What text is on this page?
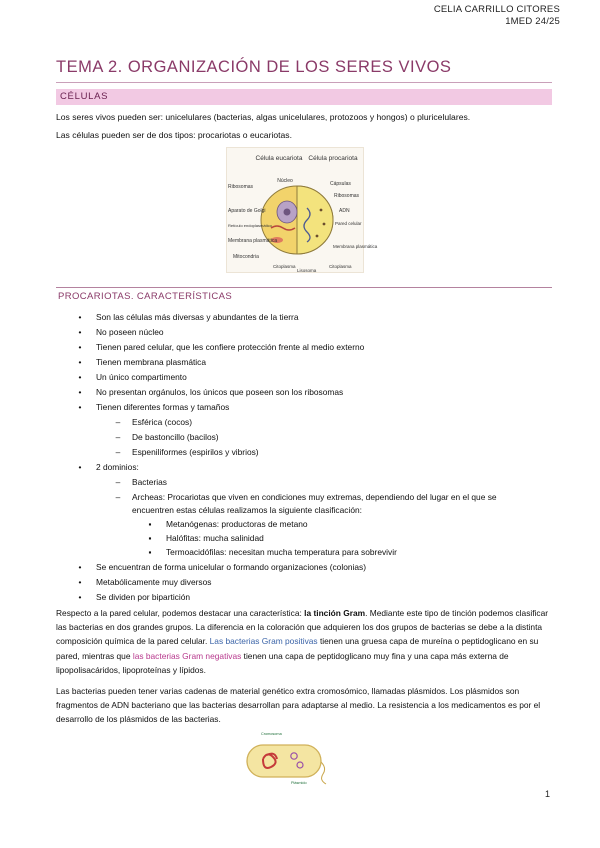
CELIA CARRILLO CITORES
1MED 24/25
TEMA 2. ORGANIZACIÓN DE LOS SERES VIVOS
CÉLULAS
Los seres vivos pueden ser: unicelulares (bacterias, algas unicelulares, protozoos y hongos) o pluricelulares.
Las células pueden ser de dos tipos: procariotas o eucariotas.
Célula eucariota Célula procariota
Ribosomas
Núcleo
Aparato de Golgi
Retículo endoplasmático
Membrana plasmática
Mitocondria
Citoplasma
Lisosoma
Citoplasma
Cápsulas
Ribosomas
ADN
Pared celular
Membrana plasmática
PROCARIOTAS. CARACTERÍSTICAS
•	Son las células más diversas y abundantes de la tierra
•	No poseen núcleo
•	Tienen pared celular, que les confiere protección frente al medio externo
•	Tienen membrana plasmática
•	Un único compartimento
•	No presentan orgánulos, los únicos que poseen son los ribosomas
•	Tienen diferentes formas y tamaños
–	Esférica (cocos)
–	De bastoncillo (bacilos)
–	Espeniliformes (espirilos y vibrios)
•	2 dominios:
–	Bacterias
–	Archeas: Procariotas que viven en condiciones muy extremas, dependiendo del lugar en el que se
encuentren estas células realizamos la siguiente clasificación:
▪	Metanógenas: productoras de metano
▪	Halófitas: mucha salinidad
▪	Termoacidófilas: necesitan mucha temperatura para sobrevivir
•	Se encuentran de forma unicelular o formando organizaciones (colonias)
•	Metabólicamente muy diversos
•	Se dividen por bipartición
Respecto a la pared celular, podemos destacar una característica: la tinción Gram. Mediante este tipo de tinción podemos clasificar las bacterias en dos grandes grupos. La diferencia en la coloración que adquieren los dos grupos de bacterias se debe a la distinta composición química de la pared celular. Las bacterias Gram positivas tienen una gruesa capa de mureína o peptidoglicano en su pared, mientras que las bacterias Gram negativas tienen una capa de peptidoglicano muy fina y una capa más externa de lipopolisacáridos, lipoproteínas y lípidos.
Las bacterias pueden tener varias cadenas de material genético extra cromosómico, llamadas plásmidos. Los plásmidos son fragmentos de ADN bacteriano que las bacterias desarrollan para adaptarse al medio. La resistencia a los medicamentos es por el desarrollo de los plásmidos de las bacterias.
Cromosoma
Plásmido
1
